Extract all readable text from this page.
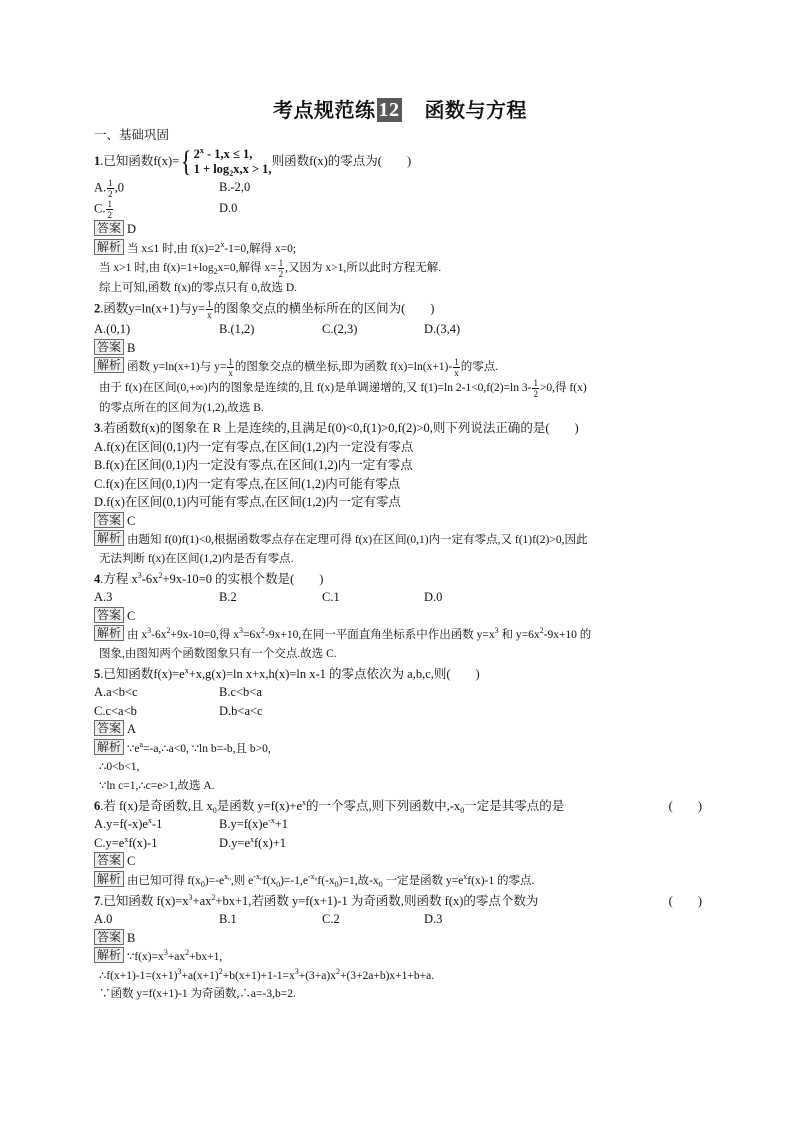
考点规范练 12 函数与方程
一、基础巩固
1.已知函数f(x)= { 2$^x$ - 1,x ≤ 1,
$1 + \log_2x,x > 1$,
则函数f(x)的零点为(　　)
A. $\frac{1}{2} ,0$	B.-2,0
C. $\frac{1}{2}$	D.0
答案 D
解析 当 x≤1 时,由 $f(x)=2^x-1=0$,解得 x=0;
当 x>1 时,由 $f(x)=1+\log_2x=0$,解得 $x= \frac{1}{2}$ ,又因为 x>1,所以此时方程无解.
综上可知,函数 f(x)的零点只有 0,故选 D.
2.函数y=ln(x+1)与$y= \frac{1}{x}$ 的图象交点的横坐标所在的区间为(　　)
A.(0,1)	B.(1,2)	C.(2,3)	D.(3,4)
答案 B
解析 函数 y=ln(x+1)与 $y= \frac{1}{x}$ 的图象交点的横坐标,即为函数 $f(x)=\ln(x+1)- \frac{1}{x}$ 的零点.
由于 f(x)在区间(0,+∞)内的图象是连续的,且 f(x)是单调递增的,又 f(1)=ln 2-1<0,f(2)=ln $3- \frac{1}{2} >0$,得 f(x)
的零点所在的区间为(1,2),故选 B.
3.若函数f(x)的图象在 R 上是连续的,且满足f(0)<0,f(1)>0,f(2)>0,则下列说法正确的是(　　)
A.f(x)在区间(0,1)内一定有零点,在区间(1,2)内一定没有零点
B.f(x)在区间(0,1)内一定没有零点,在区间(1,2)内一定有零点
C.f(x)在区间(0,1)内一定有零点,在区间(1,2)内可能有零点
D.f(x)在区间(0,1)内可能有零点,在区间(1,2)内一定有零点
答案 C
解析 由题知 f(0)f(1)<0,根据函数零点存在定理可得 f(x)在区间(0,1)内一定有零点,又 f(1)f(2)>0,因此
无法判断 f(x)在区间(1,2)内是否有零点.
4.方程 $x^3-6x^2+9x-10=0$ 的实根个数是(　　)
A.3	B.2	C.1	D.0
答案 C
解析 由 $x^3-6x^2+9x-10=0$,得 $x^3=6x^2-9x+10$,在同一平面直角坐标系中作出函数 $y=x^3$ 和 $y=6x^2-9x+10$ 的
图象,由图知两个函数图象只有一个交点.故选 C.
5.已知函数$f(x)=e^x+x,g(x)=\ln$ x+x,h(x)=ln x-1 的零点依次为 a,b,c,则(　　)
A.a<b<c	B.c<b<a
C.c<a<b	D.b<a<c
答案 A
解析 $\because e^a=-a,\therefore a<0$, ∵ln b=-b,且 b>0,
∴0<b<1,
∵ln c=1,∴c=e>1,故选 A.
6.若 f(x)是奇函数,且 $x_0$是函数 $y=f(x)+e^x$的一个零点,则下列函数中$,-x_0$一定是其零点的是	(　　)
$A.y=f(-x)e^x-1$	$B.y=f(x)e^{-x}+1$
$C.y=e^xf(x)-1$	$D.y=e^xf(x)+1$
答案 C
解析 由已知可得 $f(x_0)=-e^{x_0}$,则 $e^{-x_0}f(x_0)=-1,e^{-x_0}f(-x_0)=1$,故$-x_0$ 一定是函数 $y=e^xf(x)-1$ 的零点.
7.已知函数 $f(x)=x^3+ax^2+bx+1$,若函数 y=f(x+1)-1 为奇函数,则函数 f(x)的零点个数为	(　　)
A.0	B.1	C.2	D.3
答案 B
解析 $\because f(x)=x^3+ax^2+bx+1$,
$\therefore f(x+1)-1=(x+1)^3+a(x+1)^2+b(x+1)+1-1=x^3+(3+a)x^2+(3+2a+b)x+1+b+a$.
∵函数 y=f(x+1)-1 为奇函数,∴a=-3,b=2.
